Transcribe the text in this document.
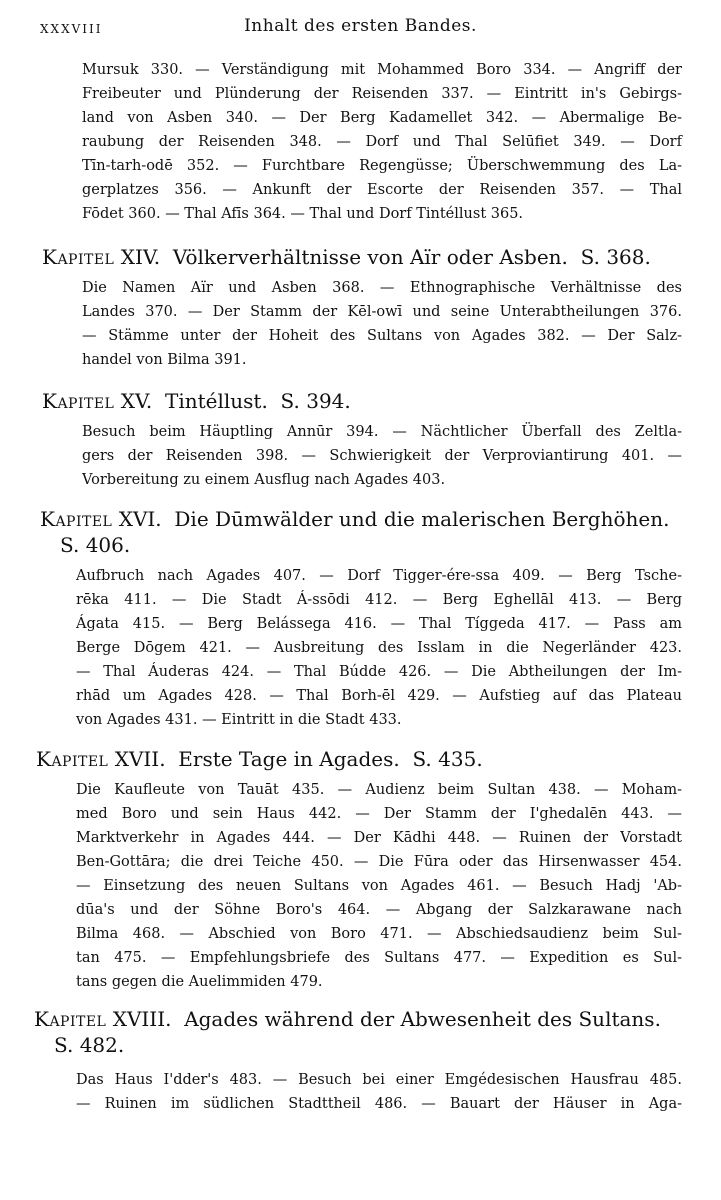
XXXVIII	Inhalt des ersten Bandes.
Mursuk 330. — Verständigung mit Mohammed Boro 334. — Angriff der
Freibeuter und Plünderung der Reisenden 337. — Eintritt in's Gebirgs-
land von Asben 340. — Der Berg Kadamellet 342. — Abermalige Be-
raubung der Reisenden 348. — Dorf und Thal Selūfiet 349. — Dorf
Tīn-tarh-odē 352. — Furchtbare Regengüsse; Überschwemmung des La-
gerplatzes 356. — Ankunft der Escorte der Reisenden 357. — Thal
Fōdet 360. — Thal Afīs 364. — Thal und Dorf Tintéllust 365.
Kapitel XIV. Völkerverhältnisse von Aïr oder Asben. S. 368.
Die Namen Aïr und Asben 368. — Ethnographische Verhältnisse des
Landes 370. — Der Stamm der Kēl-owī und seine Unterabtheilungen 376.
— Stämme unter der Hoheit des Sultans von Agades 382. — Der Salz-
handel von Bilma 391.
Kapitel XV. Tintéllust. S. 394.
Besuch beim Häuptling Annūr 394. — Nächtlicher Überfall des Zeltla-
gers der Reisenden 398. — Schwierigkeit der Verproviantirung 401. —
Vorbereitung zu einem Ausflug nach Agades 403.
Kapitel XVI. Die Dūmwälder und die malerischen Berghöhen.
S. 406.
Aufbruch nach Agades 407. — Dorf Tigger-ére-ssa 409. — Berg Tsche-
rēka 411. — Die Stadt Á-ssōdi 412. — Berg Eghellāl 413. — Berg
Ágata 415. — Berg Belássega 416. — Thal Tíggeda 417. — Pass am
Berge Dōgem 421. — Ausbreitung des Isslam in die Negerländer 423.
— Thal Áuderas 424. — Thal Búdde 426. — Die Abtheilungen der Im-
rhād um Agades 428. — Thal Borh-ēl 429. — Aufstieg auf das Plateau
von Agades 431. — Eintritt in die Stadt 433.
Kapitel XVII. Erste Tage in Agades. S. 435.
Die Kaufleute von Tauāt 435. — Audienz beim Sultan 438. — Moham-
med Boro und sein Haus 442. — Der Stamm der I'ghedalēn 443. —
Marktverkehr in Agades 444. — Der Kādhi 448. — Ruinen der Vorstadt
Ben-Gottāra; die drei Teiche 450. — Die Fūra oder das Hirsenwasser 454.
— Einsetzung des neuen Sultans von Agades 461. — Besuch Hadj 'Ab-
dūa's und der Söhne Boro's 464. — Abgang der Salzkarawane nach
Bilma 468. — Abschied von Boro 471. — Abschiedsaudienz beim Sul-
tan 475. — Empfehlungsbriefe des Sultans 477. — Expedition es Sul-
tans gegen die Auelimmiden 479.
Kapitel XVIII. Agades während der Abwesenheit des Sultans.
S. 482.
Das Haus I'dder's 483. — Besuch bei einer Emgédesischen Hausfrau 485.
— Ruinen im südlichen Stadttheil 486. — Bauart der Häuser in Aga-
